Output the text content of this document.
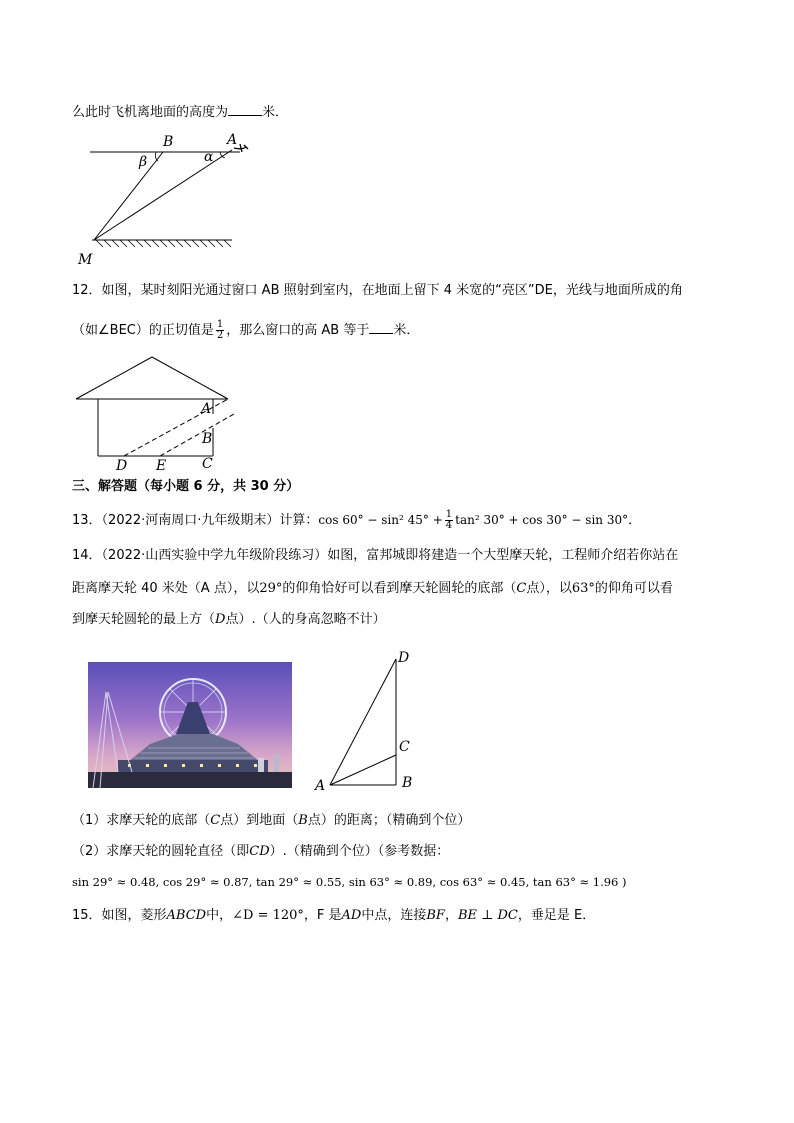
么此时飞机离地面的高度为	米．
B	A
β	α
M
12．如图，某时刻阳光通过窗口 AB 照射到室内，在地面上留下 4 米宽的“亮区”DE，光线与地面所成的角
（如∠BEC）的正切值是 $\frac{1}{2}$ ，那么窗口的高 AB 等于 米．
A
B
C
D E
三、解答题（每小题 6 分，共 30 分）
13．（2022·河南周口·九年级期末）计算：cos 60° − sin² $45^\circ + \frac{1}{4} \tan^2$ 30° + cos 30° − sin 30°．
14．（2022·山西实验中学九年级阶段练习）如图，富邦城即将建造一个大型摩天轮，工程师介绍若你站在
距离摩天轮 40 米处（A 点），以29°的仰角恰好可以看到摩天轮圆轮的底部（C点），以63°的仰角可以看
到摩天轮圆轮的最上方（D点）.（人的身高忽略不计）
D
C
A	B
（1）求摩天轮的底部（C点）到地面（B点）的距离；（精确到个位）
（2）求摩天轮的圆轮直径（即CD）.（精确到个位）（参考数据：
sin 29° ≈ 0.48, cos 29° ≈ 0.87, tan 29° ≈ 0.55, sin 63° ≈ 0.89, cos 63° ≈ 0.45, tan 63° ≈ 1.96 )
15．如图，菱形ABCD中，∠D = 120°，F 是AD中点，连接BF，BE ⊥ DC，垂足是 E．
